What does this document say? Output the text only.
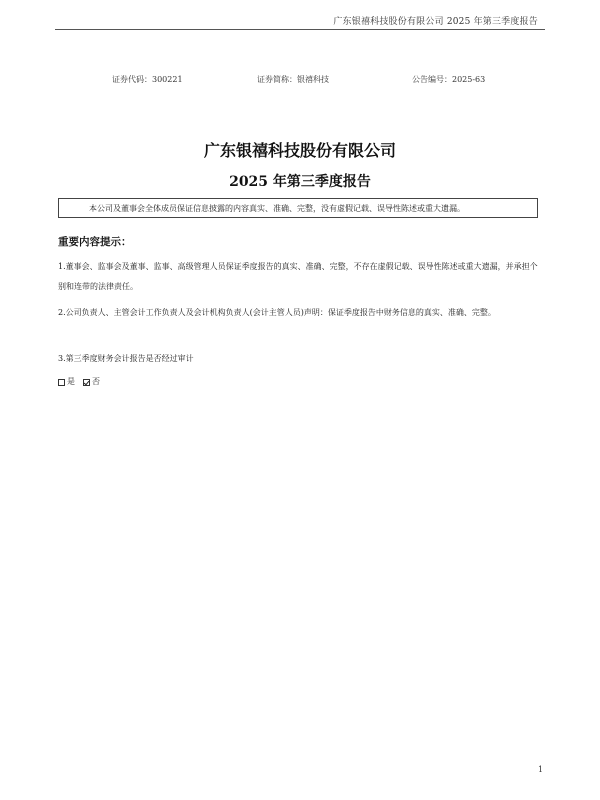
广东银禧科技股份有限公司 2025 年第三季度报告
证券代码：300221	证券简称：银禧科技	公告编号：2025-63
广东银禧科技股份有限公司
2025 年第三季度报告
本公司及董事会全体成员保证信息披露的内容真实、准确、完整，没有虚假记载、误导性陈述或重大遗漏。
重要内容提示：
1.董事会、监事会及董事、监事、高级管理人员保证季度报告的真实、准确、完整，不存在虚假记载、误导性陈述或重大遗漏，并承担个别和连带的法律责任。
2.公司负责人、主管会计工作负责人及会计机构负责人(会计主管人员)声明：保证季度报告中财务信息的真实、准确、完整。
3.第三季度财务会计报告是否经过审计
是 否
1
